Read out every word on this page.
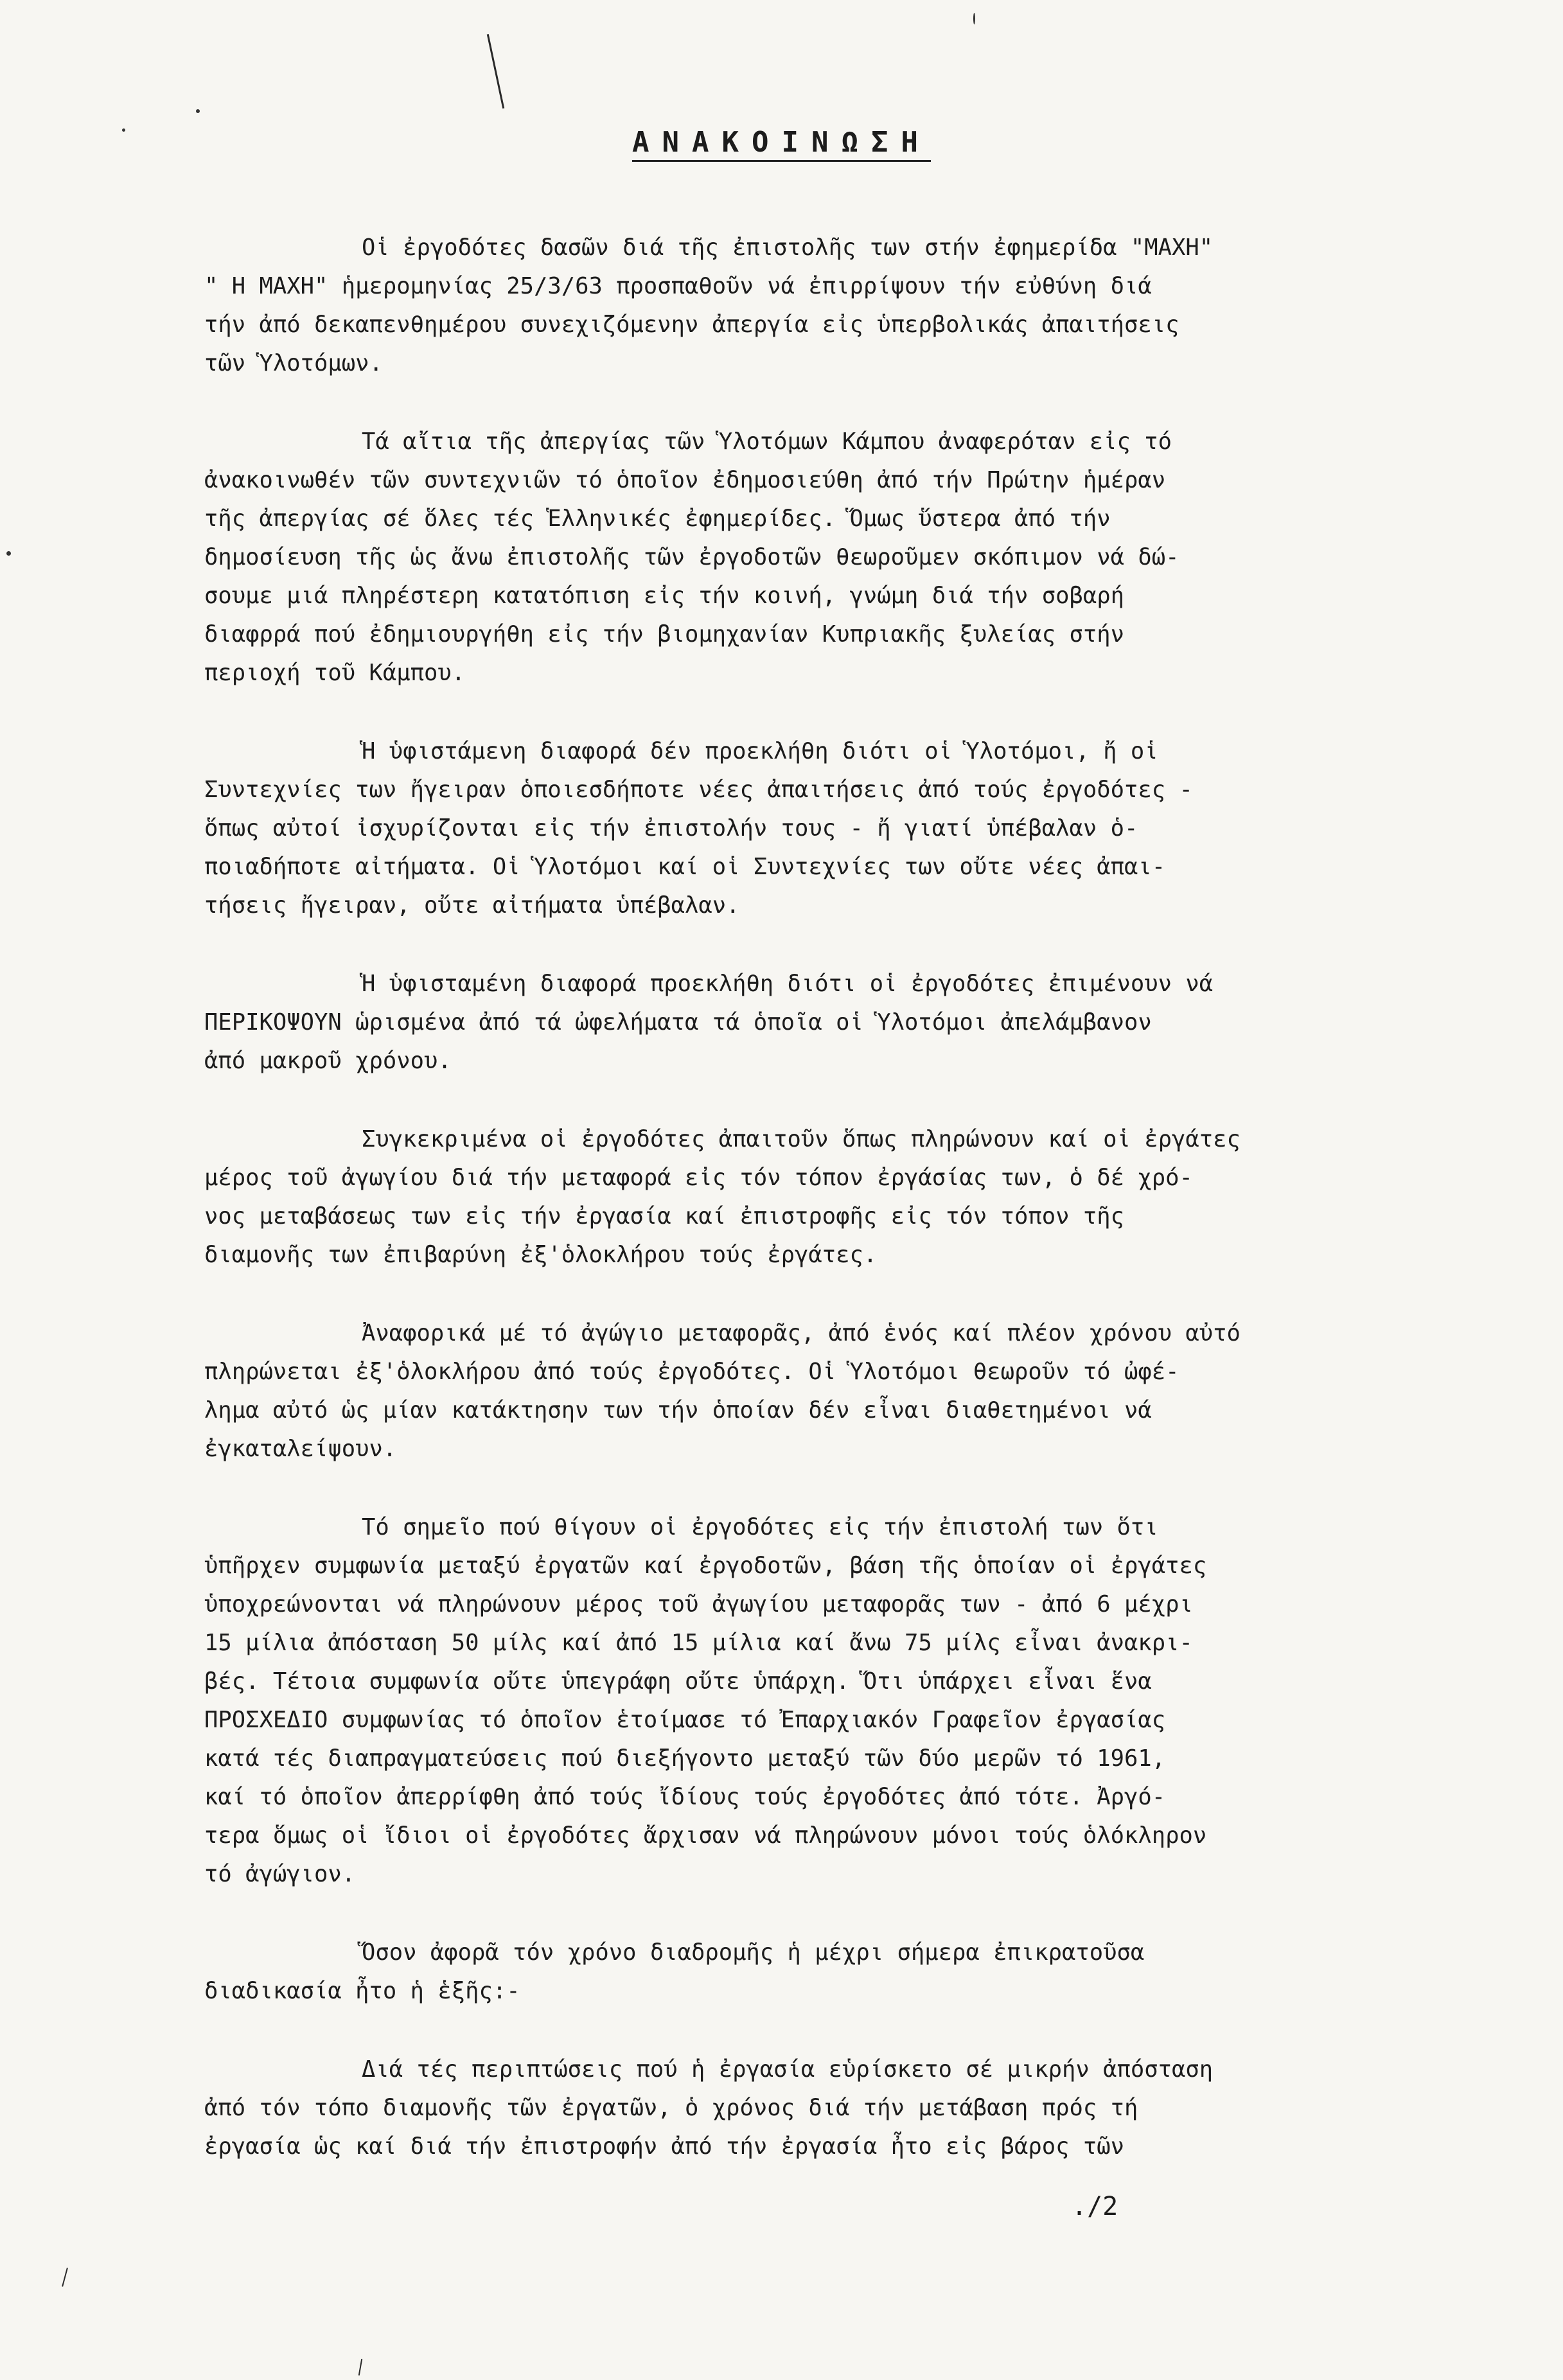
ΑΝΑΚΟΙΝΩΣΗ

Οἱ ἐργοδότες δασῶν διά τῆς ἐπιστολῆς των στήν ἐφημερίδα "ΜΑΧΗ"
" Η ΜΑΧΗ" ἡμερομηνίας 25/3/63 προσπαθοῦν νά ἐπιρρίψουν τήν εὐθύνη διά
τήν ἀπό δεκαπενθημέρου συνεχιζόμενην ἀπεργία εἰς ὑπερβολικάς ἀπαιτήσεις
τῶν Ὑλοτόμων.

Τά αἴτια τῆς ἀπεργίας τῶν Ὑλοτόμων Κάμπου ἀναφερόταν εἰς τό
ἀνακοινωθέν τῶν συντεχνιῶν τό ὁποῖον ἐδημοσιεύθη ἀπό τήν Πρώτην ἡμέραν
τῆς ἀπεργίας σέ ὅλες τές Ἑλληνικές ἐφημερίδες. Ὅμως ὕστερα ἀπό τήν
δημοσίευση τῆς ὡς ἄνω ἐπιστολῆς τῶν ἐργοδοτῶν θεωροῦμεν σκόπιμον νά δώ-
σουμε μιά πληρέστερη κατατόπιση εἰς τήν κοινή, γνώμη διά τήν σοβαρή
διαφρρά πού ἐδημιουργήθη εἰς τήν βιομηχανίαν Κυπριακῆς ξυλείας στήν
περιοχή τοῦ Κάμπου.

Ἡ ὑφιστάμενη διαφορά δέν προεκλήθη διότι οἱ Ὑλοτόμοι, ἤ οἱ
Συντεχνίες των ἤγειραν ὁποιεσδήποτε νέες ἀπαιτήσεις ἀπό τούς ἐργοδότες -
ὅπως αὐτοί ἰσχυρίζονται εἰς τήν ἐπιστολήν τους - ἤ γιατί ὑπέβαλαν ὁ-
ποιαδήποτε αἰτήματα. Οἱ Ὑλοτόμοι καί οἱ Συντεχνίες των οὔτε νέες ἀπαι-
τήσεις ἤγειραν, οὔτε αἰτήματα ὑπέβαλαν.

Ἡ ὑφισταμένη διαφορά προεκλήθη διότι οἱ ἐργοδότες ἐπιμένουν νά
ΠΕΡΙΚΟΨΟΥΝ ὡρισμένα ἀπό τά ὠφελήματα τά ὁποῖα οἱ Ὑλοτόμοι ἀπελάμβανον
ἀπό μακροῦ χρόνου.

Συγκεκριμένα οἱ ἐργοδότες ἀπαιτοῦν ὅπως πληρώνουν καί οἱ ἐργάτες
μέρος τοῦ ἀγωγίου διά τήν μεταφορά εἰς τόν τόπον ἐργάσίας των, ὁ δέ χρό-
νος μεταβάσεως των εἰς τήν ἐργασία καί ἐπιστροφῆς εἰς τόν τόπον τῆς
διαμονῆς των ἐπιβαρύνη ἐξ'ὁλοκλήρου τούς ἐργάτες.

Ἀναφορικά μέ τό ἀγώγιο μεταφορᾶς, ἀπό ἑνός καί πλέον χρόνου αὐτό
πληρώνεται ἐξ'ὁλοκλήρου ἀπό τούς ἐργοδότες. Οἱ Ὑλοτόμοι θεωροῦν τό ὠφέ-
λημα αὐτό ὡς μίαν κατάκτησην των τήν ὁποίαν δέν εἶναι διαθετημένοι νά
ἐγκαταλείψουν.

Τό σημεῖο πού θίγουν οἱ ἐργοδότες εἰς τήν ἐπιστολή των ὅτι
ὑπῆρχεν συμφωνία μεταξύ ἐργατῶν καί ἐργοδοτῶν, βάση τῆς ὁποίαν οἱ ἐργάτες
ὑποχρεώνονται νά πληρώνουν μέρος τοῦ ἀγωγίου μεταφορᾶς των - ἀπό 6 μέχρι
15 μίλια ἀπόσταση 50 μίλς καί ἀπό 15 μίλια καί ἄνω 75 μίλς εἶναι ἀνακρι-
βές. Τέτοια συμφωνία οὔτε ὑπεγράφη οὔτε ὑπάρχη. Ὅτι ὑπάρχει εἶναι ἕνα
ΠΡΟΣΧΕΔΙΟ συμφωνίας τό ὁποῖον ἑτοίμασε τό Ἐπαρχιακόν Γραφεῖον ἐργασίας
κατά τές διαπραγματεύσεις πού διεξήγοντο μεταξύ τῶν δύο μερῶν τό 1961,
καί τό ὁποῖον ἀπερρίφθη ἀπό τούς ἴδίους τούς ἐργοδότες ἀπό τότε. Ἀργό-
τερα ὅμως οἱ ἴδιοι οἱ ἐργοδότες ἄρχισαν νά πληρώνουν μόνοι τούς ὁλόκληρον
τό ἀγώγιον.

Ὅσον ἀφορᾶ τόν χρόνο διαδρομῆς ἡ μέχρι σήμερα ἐπικρατοῦσα
διαδικασία ἦτο ἡ ἑξῆς:-

Διά τές περιπτώσεις πού ἡ ἐργασία εὑρίσκετο σέ μικρήν ἀπόσταση
ἀπό τόν τόπο διαμονῆς τῶν ἐργατῶν, ὁ χρόνος διά τήν μετάβαση πρός τή
ἐργασία ὡς καί διά τήν ἐπιστροφήν ἀπό τήν ἐργασία ἦτο εἰς βάρος τῶν

./2
